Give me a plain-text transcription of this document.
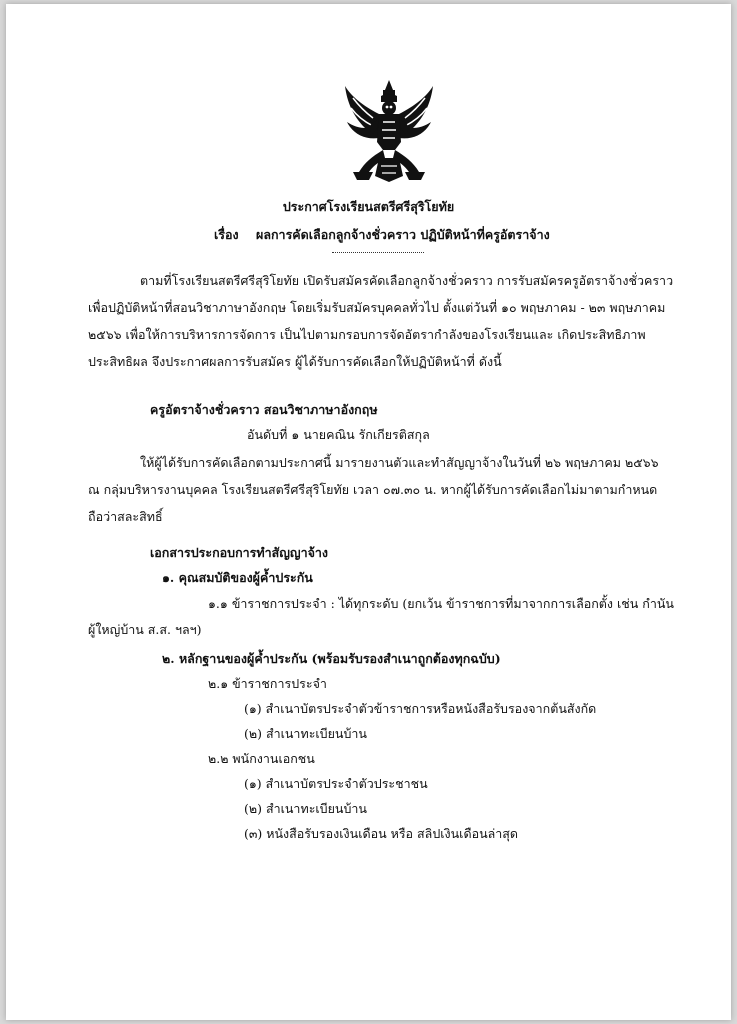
ประกาศโรงเรียนสตรีศรีสุริโยทัย
เรื่อง ผลการคัดเลือกลูกจ้างชั่วคราว ปฏิบัติหน้าที่ครูอัตราจ้าง
ตามที่โรงเรียนสตรีศรีสุริโยทัย เปิดรับสมัครคัดเลือกลูกจ้างชั่วคราว การรับสมัครครูอัตราจ้างชั่วคราว
เพื่อปฏิบัติหน้าที่สอนวิชาภาษาอังกฤษ โดยเริ่มรับสมัครบุคคลทั่วไป ตั้งแต่วันที่ ๑๐ พฤษภาคม - ๒๓ พฤษภาคม
๒๕๖๖ เพื่อให้การบริหารการจัดการ เป็นไปตามกรอบการจัดอัตรากำลังของโรงเรียนและ เกิดประสิทธิภาพ
ประสิทธิผล จึงประกาศผลการรับสมัคร ผู้ได้รับการคัดเลือกให้ปฏิบัติหน้าที่ ดังนี้
ครูอัตราจ้างชั่วคราว สอนวิชาภาษาอังกฤษ
อันดับที่ ๑ นายคณิน รักเกียรติสกุล
ให้ผู้ได้รับการคัดเลือกตามประกาศนี้ มารายงานตัวและทำสัญญาจ้างในวันที่ ๒๖ พฤษภาคม ๒๕๖๖
ณ กลุ่มบริหารงานบุคคล โรงเรียนสตรีศรีสุริโยทัย เวลา ๐๗.๓๐ น. หากผู้ได้รับการคัดเลือกไม่มาตามกำหนด
ถือว่าสละสิทธิ์
เอกสารประกอบการทำสัญญาจ้าง
๑. คุณสมบัติของผู้ค้ำประกัน
๑.๑ ข้าราชการประจำ : ได้ทุกระดับ (ยกเว้น ข้าราชการที่มาจากการเลือกตั้ง เช่น กำนัน
ผู้ใหญ่บ้าน ส.ส. ฯลฯ)
๒. หลักฐานของผู้ค้ำประกัน (พร้อมรับรองสำเนาถูกต้องทุกฉบับ)
๒.๑ ข้าราชการประจำ
(๑) สำเนาบัตรประจำตัวข้าราชการหรือหนังสือรับรองจากต้นสังกัด
(๒) สำเนาทะเบียนบ้าน
๒.๒ พนักงานเอกชน
(๑) สำเนาบัตรประจำตัวประชาชน
(๒) สำเนาทะเบียนบ้าน
(๓) หนังสือรับรองเงินเดือน หรือ สลิปเงินเดือนล่าสุด
